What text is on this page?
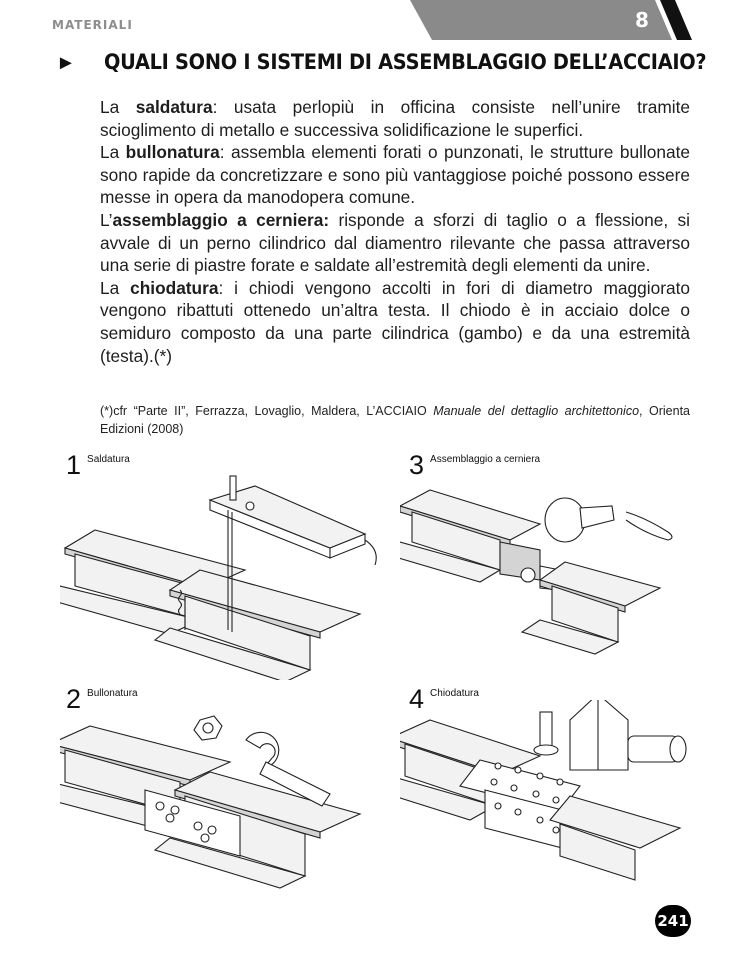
MATERIALI	8
► QUALI SONO I SISTEMI DI ASSEMBLAGGIO DELL’ACCIAIO?

La saldatura: usata perlopiù in officina consiste nell’unire tramite scioglimento di metallo e successiva solidificazione le superfici.

La bullonatura: assembla elementi forati o punzonati, le strutture bullonate sono rapide da concretizzare e sono più vantaggiose poiché possono essere messe in opera da manodopera comune.

L’assemblaggio a cerniera: risponde a sforzi di taglio o a flessione, si avvale di un perno cilindrico dal diamentro rilevante che passa attraverso una serie di piastre forate e saldate all’estremità degli elementi da unire.

La chiodatura: i chiodi vengono accolti in fori di diametro maggiorato vengono ribattuti ottenedo un’altra testa. Il chiodo è in acciaio dolce o semiduro composto da una parte cilindrica (gambo) e da una estremità (testa).(*)

(*)cfr “Parte II”, Ferrazza, Lovaglio, Maldera, L’ACCIAIO Manuale del dettaglio architettonico, Orienta Edizioni (2008)
1 Saldatura
2 Bullonatura
3 Assemblaggio a cerniera
4 Chiodatura
241
